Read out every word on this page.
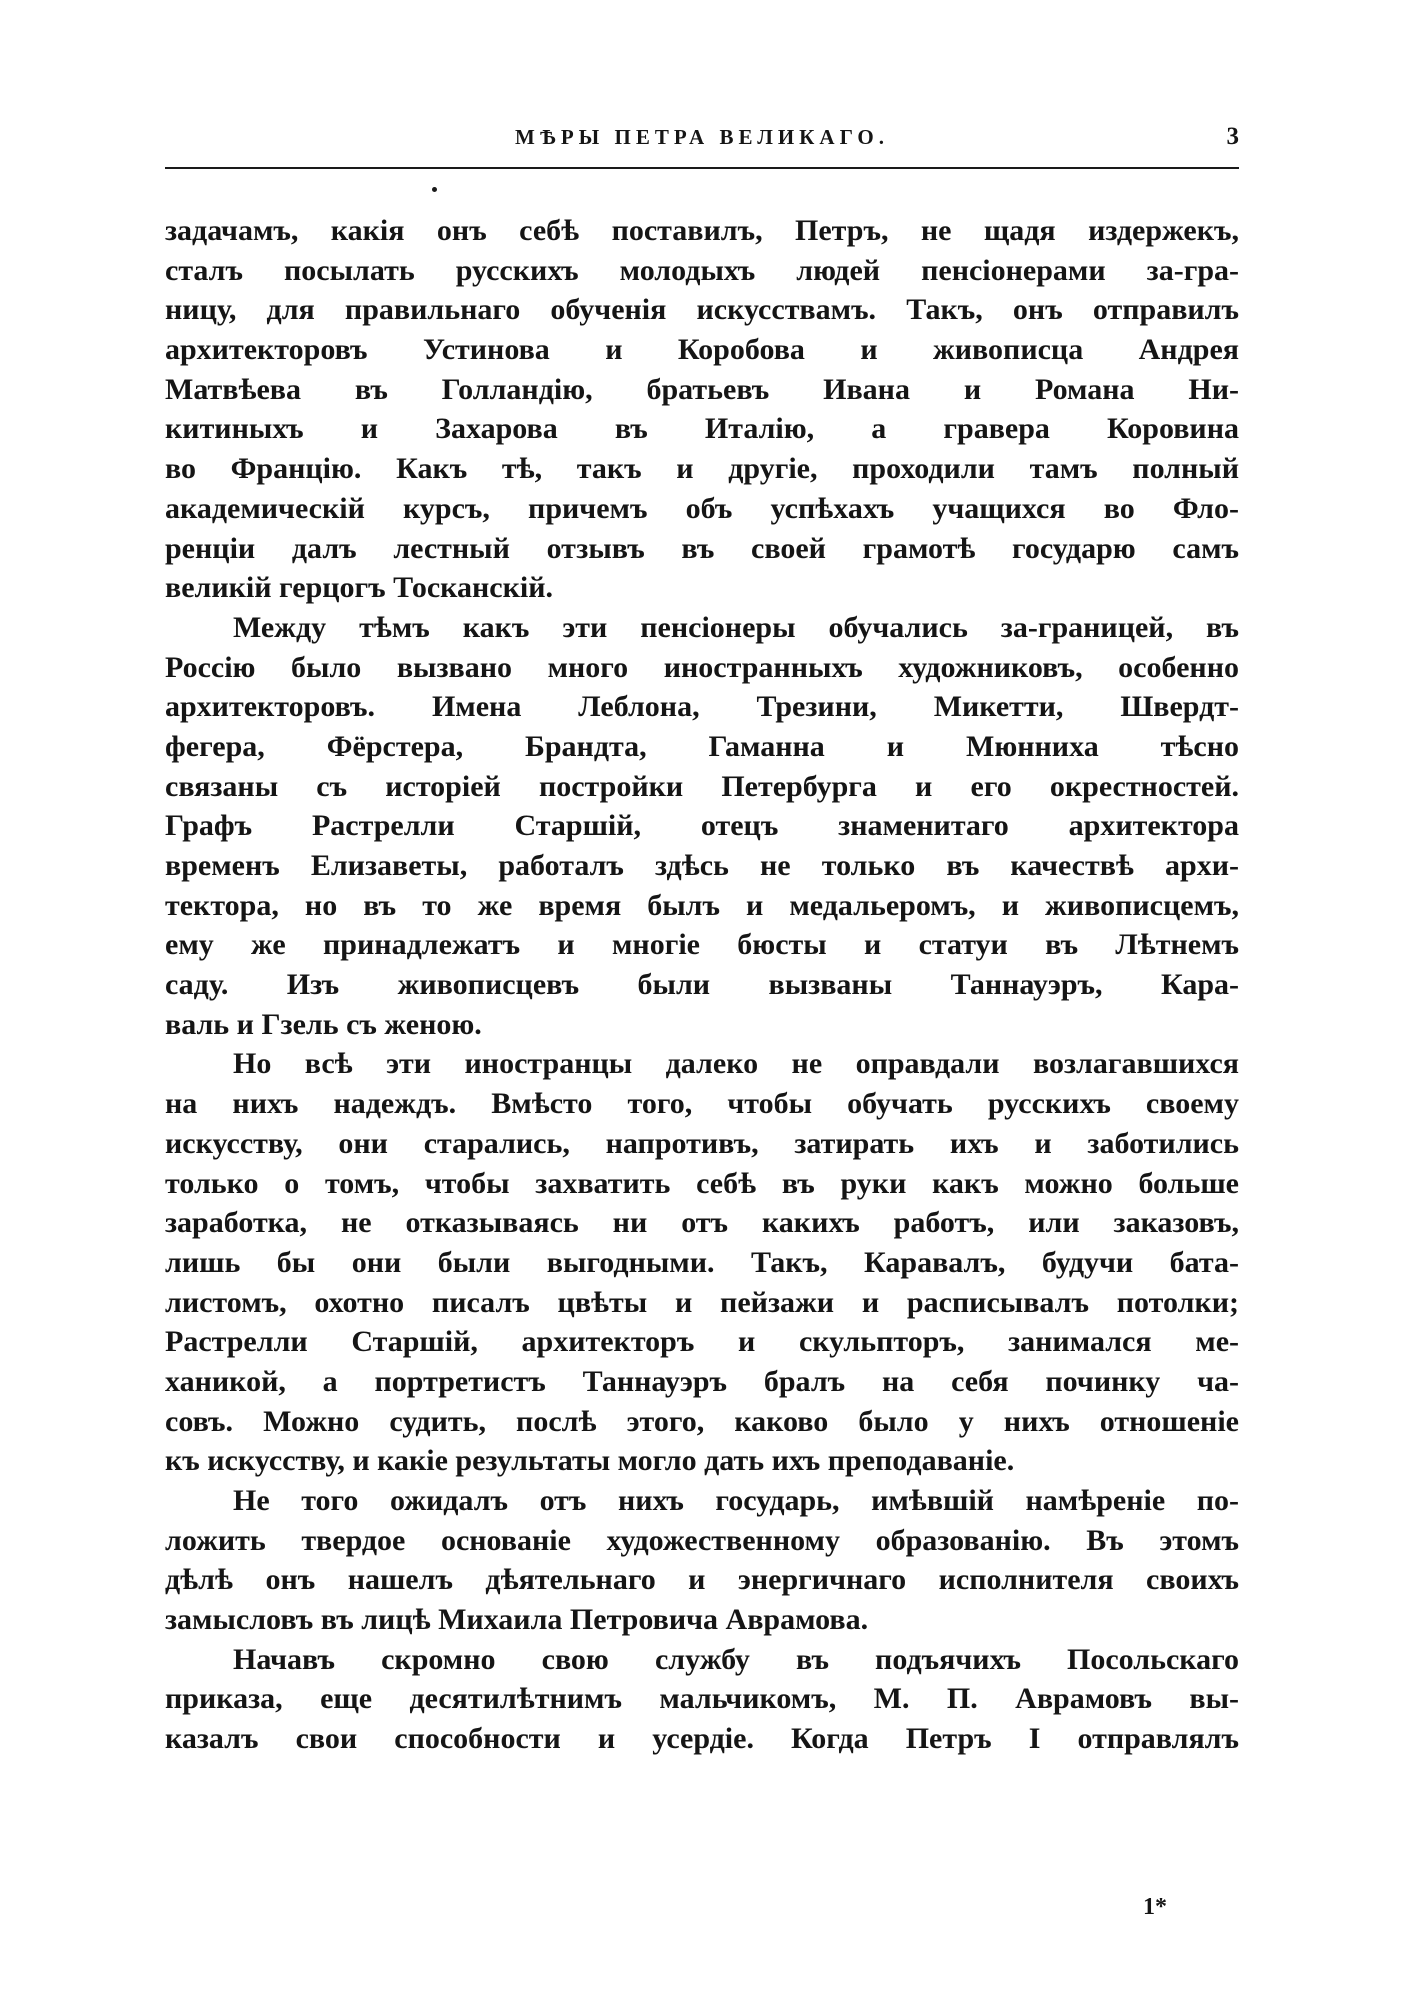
МѢРЫ ПЕТРА ВЕЛИКАГО.	3
задачамъ, какія онъ себѣ поставилъ, Петръ, не щадя издержекъ,
сталъ посылать русскихъ молодыхъ людей пенсіонерами за-гра-
ницу, для правильнаго обученія искусствамъ. Такъ, онъ отправилъ
архитекторовъ Устинова и Коробова и живописца Андрея
Матвѣева въ Голландію, братьевъ Ивана и Романа Ни-
китиныхъ и Захарова въ Италію, а гравера Коровина
во Францію. Какъ тѣ, такъ и другіе, проходили тамъ полный
академическій курсъ, причемъ объ успѣхахъ учащихся во Фло-
ренціи далъ лестный отзывъ въ своей грамотѣ государю самъ
великій герцогъ Тосканскій.
Между тѣмъ какъ эти пенсіонеры обучались за-границей, въ
Россію было вызвано много иностранныхъ художниковъ, особенно
архитекторовъ. Имена Леблона, Трезини, Микетти, Швердт-
фегера, Фёрстера, Брандта, Гаманна и Мюнниха тѣсно
связаны съ исторіей постройки Петербурга и его окрестностей.
Графъ Растрелли Старшій, отецъ знаменитаго архитектора
временъ Елизаветы, работалъ здѣсь не только въ качествѣ архи-
тектора, но въ то же время былъ и медальеромъ, и живописцемъ,
ему же принадлежатъ и многіе бюсты и статуи въ Лѣтнемъ
саду. Изъ живописцевъ были вызваны Таннауэръ, Кара-
валь и Гзель съ женою.
Но всѣ эти иностранцы далеко не оправдали возлагавшихся
на нихъ надеждъ. Вмѣсто того, чтобы обучать русскихъ своему
искусству, они старались, напротивъ, затирать ихъ и заботились
только о томъ, чтобы захватить себѣ въ руки какъ можно больше
заработка, не отказываясь ни отъ какихъ работъ, или заказовъ,
лишь бы они были выгодными. Такъ, Каравалъ, будучи бата-
листомъ, охотно писалъ цвѣты и пейзажи и расписывалъ потолки;
Растрелли Старшій, архитекторъ и скульпторъ, занимался ме-
ханикой, а портретистъ Таннауэръ бралъ на себя починку ча-
совъ. Можно судить, послѣ этого, каково было у нихъ отношеніе
къ искусству, и какіе результаты могло дать ихъ преподаваніе.
Не того ожидалъ отъ нихъ государь, имѣвшій намѣреніе по-
ложить твердое основаніе художественному образованію. Въ этомъ
дѣлѣ онъ нашелъ дѣятельнаго и энергичнаго исполнителя своихъ
замысловъ въ лицѣ Михаила Петровича Аврамова.
Начавъ скромно свою службу въ подъячихъ Посольскаго
приказа, еще десятилѣтнимъ мальчикомъ, М. П. Аврамовъ вы-
казалъ свои способности и усердіе. Когда Петръ I отправлялъ
1*
